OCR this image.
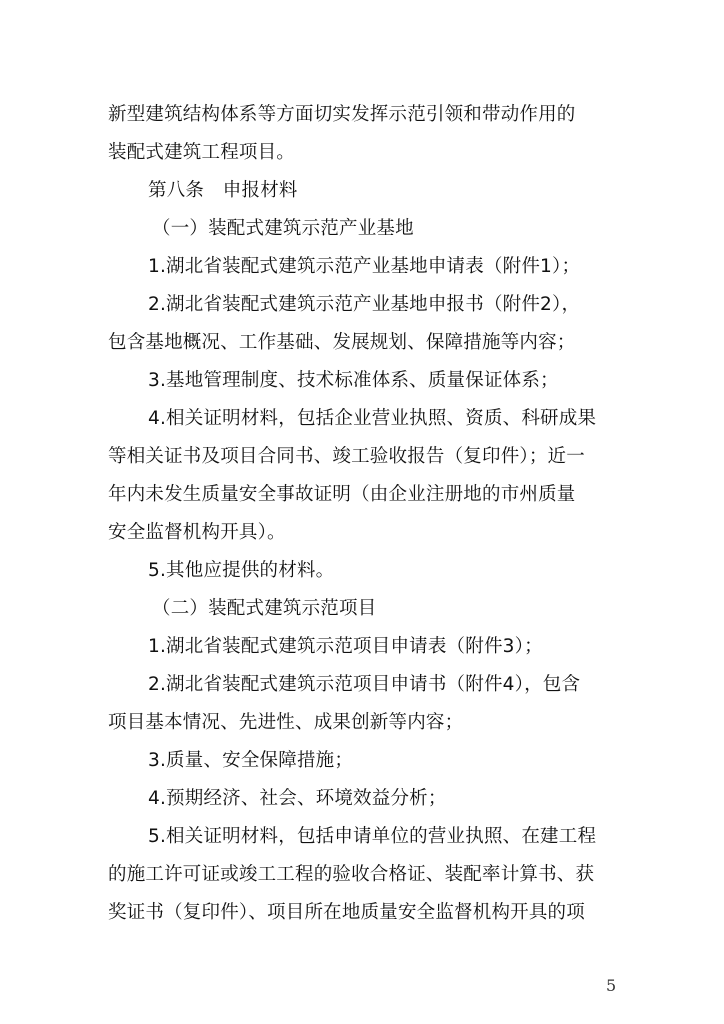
新型建筑结构体系等方面切实发挥示范引领和带动作用的
装配式建筑工程项目。
第八条　申报材料
（一）装配式建筑示范产业基地
1.湖北省装配式建筑示范产业基地申请表（附件1）；
2.湖北省装配式建筑示范产业基地申报书（附件2），
包含基地概况、工作基础、发展规划、保障措施等内容；
3.基地管理制度、技术标准体系、质量保证体系；
4.相关证明材料，包括企业营业执照、资质、科研成果
等相关证书及项目合同书、竣工验收报告（复印件）；近一
年内未发生质量安全事故证明（由企业注册地的市州质量
安全监督机构开具）。
5.其他应提供的材料。
（二）装配式建筑示范项目
1.湖北省装配式建筑示范项目申请表（附件3）；
2.湖北省装配式建筑示范项目申请书（附件4），包含
项目基本情况、先进性、成果创新等内容；
3.质量、安全保障措施；
4.预期经济、社会、环境效益分析；
5.相关证明材料，包括申请单位的营业执照、在建工程
的施工许可证或竣工工程的验收合格证、装配率计算书、获
奖证书（复印件）、项目所在地质量安全监督机构开具的项
5
